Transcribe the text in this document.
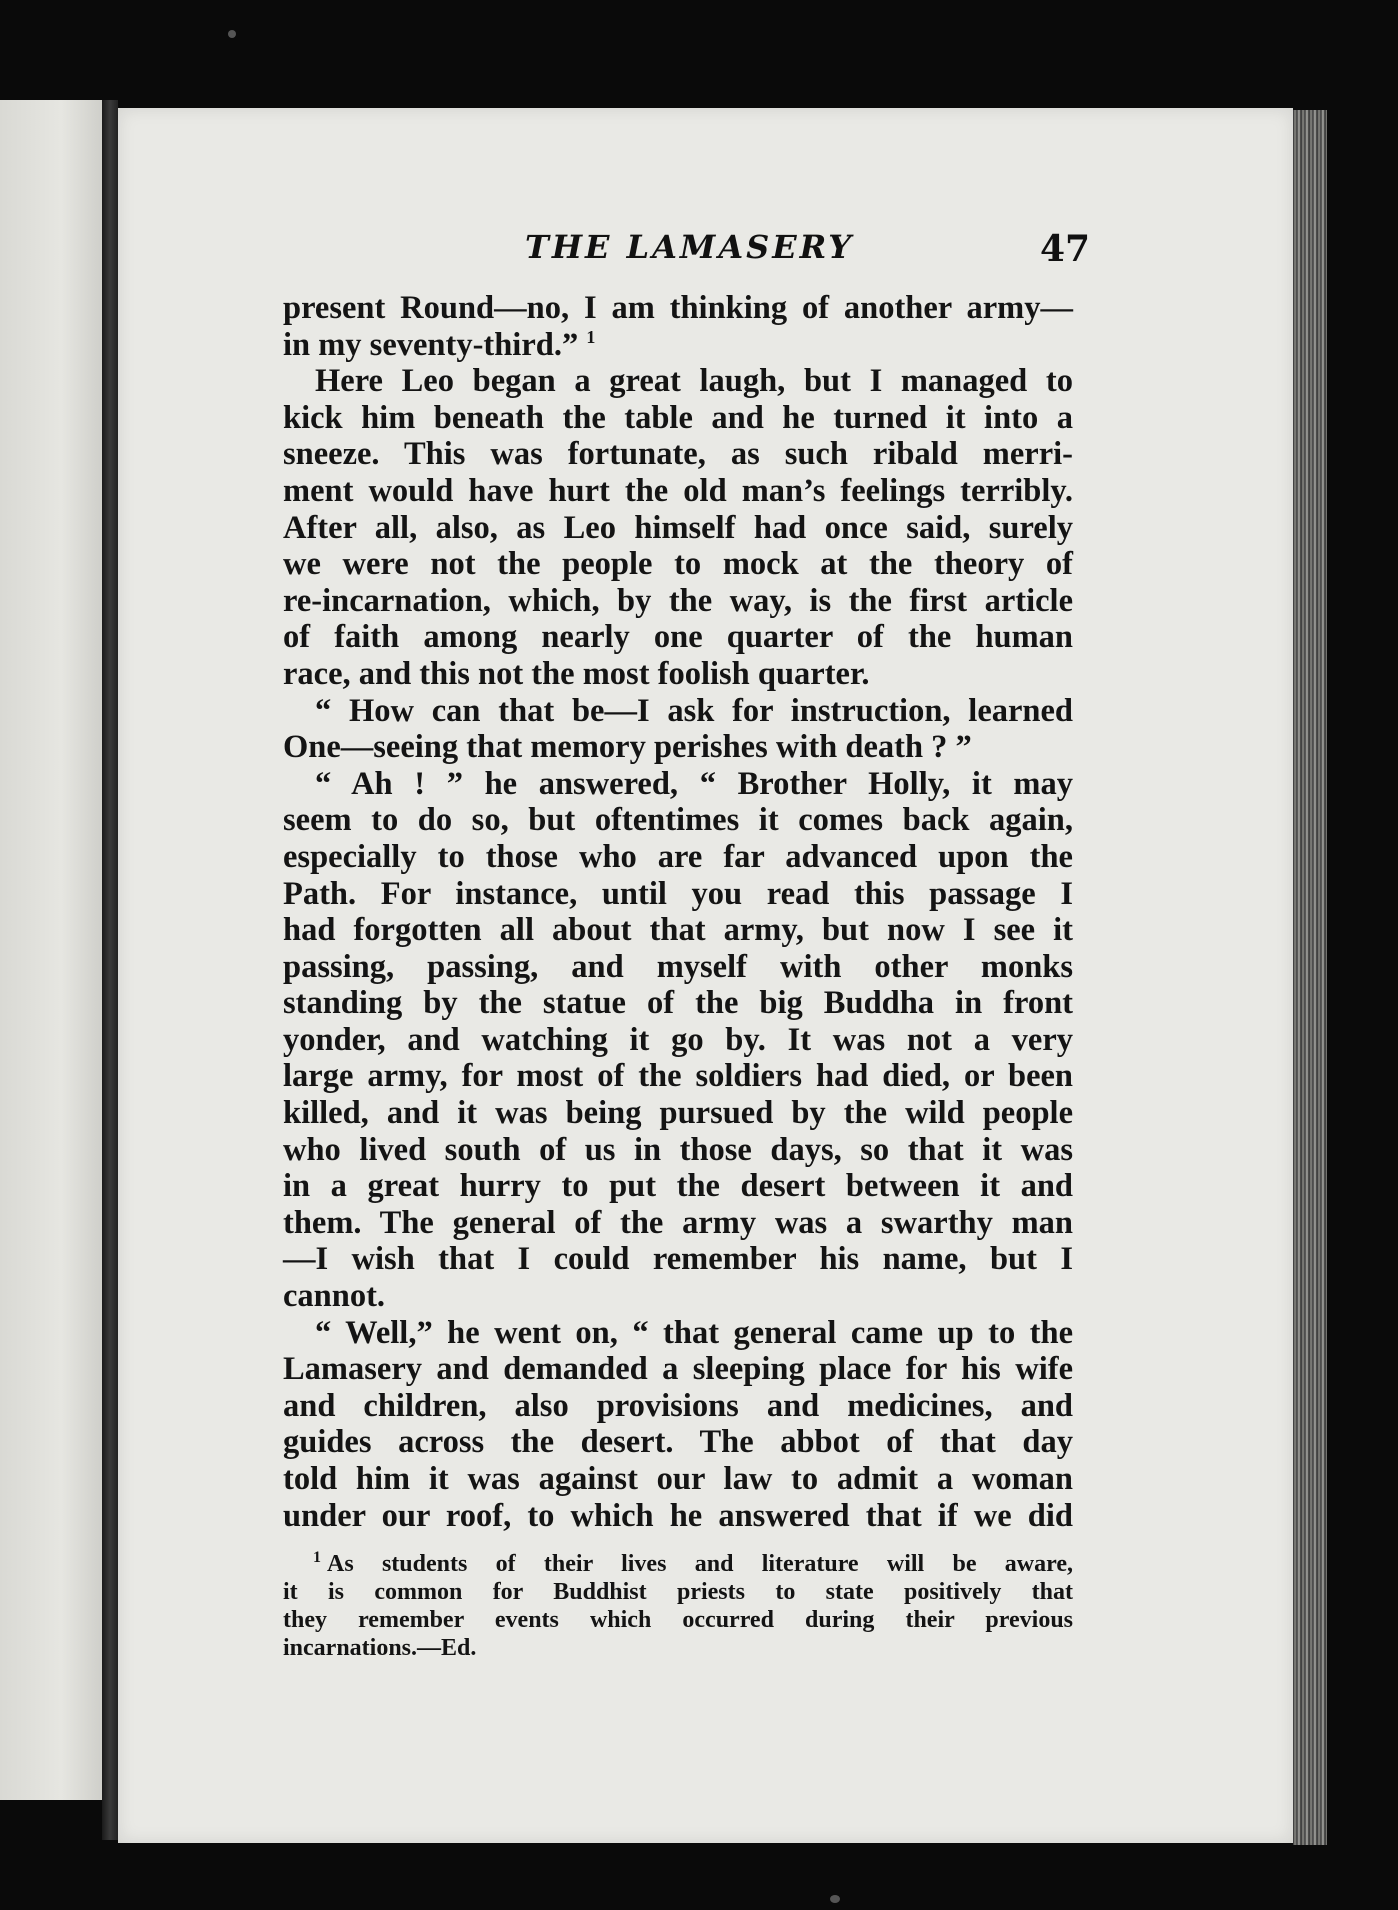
THE LAMASERY	47
present Round—no, I am thinking of another army—
in my seventy-third.” $^1$
Here Leo began a great laugh, but I managed to
kick him beneath the table and he turned it into a
sneeze. This was fortunate, as such ribald merri-
ment would have hurt the old man’s feelings terribly.
After all, also, as Leo himself had once said, surely
we were not the people to mock at the theory of
re-incarnation, which, by the way, is the first article
of faith among nearly one quarter of the human
race, and this not the most foolish quarter.
“ How can that be—I ask for instruction, learned
One—seeing that memory perishes with death ? ”
“ Ah ! ” he answered, “ Brother Holly, it may
seem to do so, but oftentimes it comes back again,
especially to those who are far advanced upon the
Path. For instance, until you read this passage I
had forgotten all about that army, but now I see it
passing, passing, and myself with other monks
standing by the statue of the big Buddha in front
yonder, and watching it go by. It was not a very
large army, for most of the soldiers had died, or been
killed, and it was being pursued by the wild people
who lived south of us in those days, so that it was
in a great hurry to put the desert between it and
them. The general of the army was a swarthy man
—I wish that I could remember his name, but I
cannot.
“ Well,” he went on, “ that general came up to the
Lamasery and demanded a sleeping place for his wife
and children, also provisions and medicines, and
guides across the desert. The abbot of that day
told him it was against our law to admit a woman
under our roof, to which he answered that if we did
$^1$ As students of their lives and literature will be aware,
it is common for Buddhist priests to state positively that
they remember events which occurred during their previous
incarnations.—Ed.
